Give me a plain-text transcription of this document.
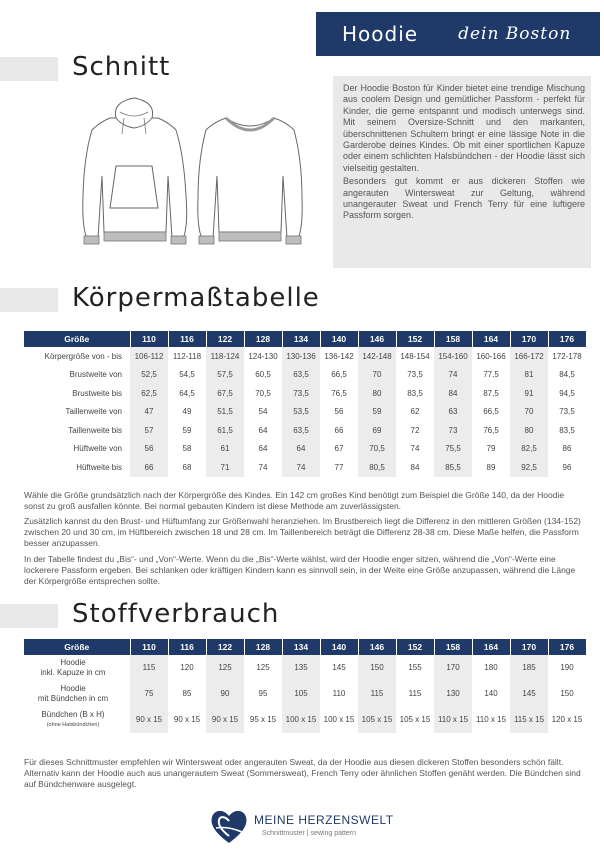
Hoodie dein Boston
Schnitt

Der Hoodie Boston für Kinder bietet eine trendige Mischung aus coolem Design und gemütlicher Passform - perfekt für Kinder, die gerne entspannt und modisch unterwegs sind. Mit seinem Oversize-Schnitt und den markanten, überschnittenen Schultern bringt er eine lässige Note in die Garderobe deines Kindes. Ob mit einer sportlichen Kapuze oder einem schlichten Halsbündchen - der Hoodie lässt sich vielseitig gestalten.

Besonders gut kommt er aus dickeren Stoffen wie angerauten Wintersweat zur Geltung, während unangerauter Sweat und French Terry für eine luftigere Passform sorgen.

Körpermaßtabelle
Größe	110	116	122	128	134	140	146	152	158	164	170	176
Körpergröße von - bis	106-112	112-118	118-124	124-130	130-136	136-142	142-148	148-154	154-160	160-166	166-172	172-178
Brustweite von	52,5	54,5	57,5	60,5	63,5	66,5	70	73,5	74	77,5	81	84,5
Brustweite bis	62,5	64,5	67,5	70,5	73,5	76,5	80	83,5	84	87,5	91	94,5
Taillenweite von	47	49	51,5	54	53,5	56	59	62	63	66,5	70	73,5
Taillenweite bis	57	59	61,5	64	63,5	66	69	72	73	76,5	80	83,5
Hüftweite von	56	58	61	64	64	67	70,5	74	75,5	79	82,5	86
Hüftweite bis	66	68	71	74	74	77	80,5	84	85,5	89	92,5	96
Wähle die Größe grundsätzlich nach der Körpergröße des Kindes. Ein 142 cm großes Kind benötigt zum Beispiel die Größe 140, da der Hoodie sonst zu groß ausfallen könnte. Bei normal gebauten Kindern ist diese Methode am zuverlässigsten.
Zusätzlich kannst du den Brust- und Hüftumfang zur Größenwahl heranziehen. Im Brustbereich liegt die Differenz in den mittleren Größen (134-152) zwischen 20 und 30 cm, im Hüftbereich zwischen 18 und 28 cm. Im Taillenbereich beträgt die Differenz 28-38 cm. Diese Maße helfen, die Passform besser anzupassen.
In der Tabelle findest du „Bis“- und „Von“-Werte. Wenn du die „Bis“-Werte wählst, wird der Hoodie enger sitzen, während die „Von“-Werte eine lockerere Passform ergeben. Bei schlanken oder kräftigen Kindern kann es sinnvoll sein, in der Weite eine Größe anzupassen, während die Länge der Körpergröße entsprechen sollte.
Stoffverbrauch
Größe	110	116	122	128	134	140	146	152	158	164	170	176

Hoodie
inkl. Kapuze in cm	115	120	125	125	135	145	150	155	170	180	185	190

Hoodie
mit Bündchen in cm	75	85	90	95	105	110	115	115	130	140	145	150

Bündchen (B x H)
(ohne Halsbündchen)	90 x 15	90 x 15	90 x 15	95 x 15	100 x 15	100 x 15	105 x 15	105 x 15	110 x 15	110 x 15	115 x 15	120 x 15
Für dieses Schnittmuster empfehlen wir Wintersweat oder angerauten Sweat, da der Hoodie aus diesen dickeren Stoffen besonders schön fällt. Alternativ kann der Hoodie auch aus unangerautem Sweat (Sommersweat), French Terry oder ähnlichen Stoffen genäht werden. Die Bündchen sind auf Bündchenware ausgelegt.
MEINE HERZENSWELT
Schnittmuster | sewing pattern
